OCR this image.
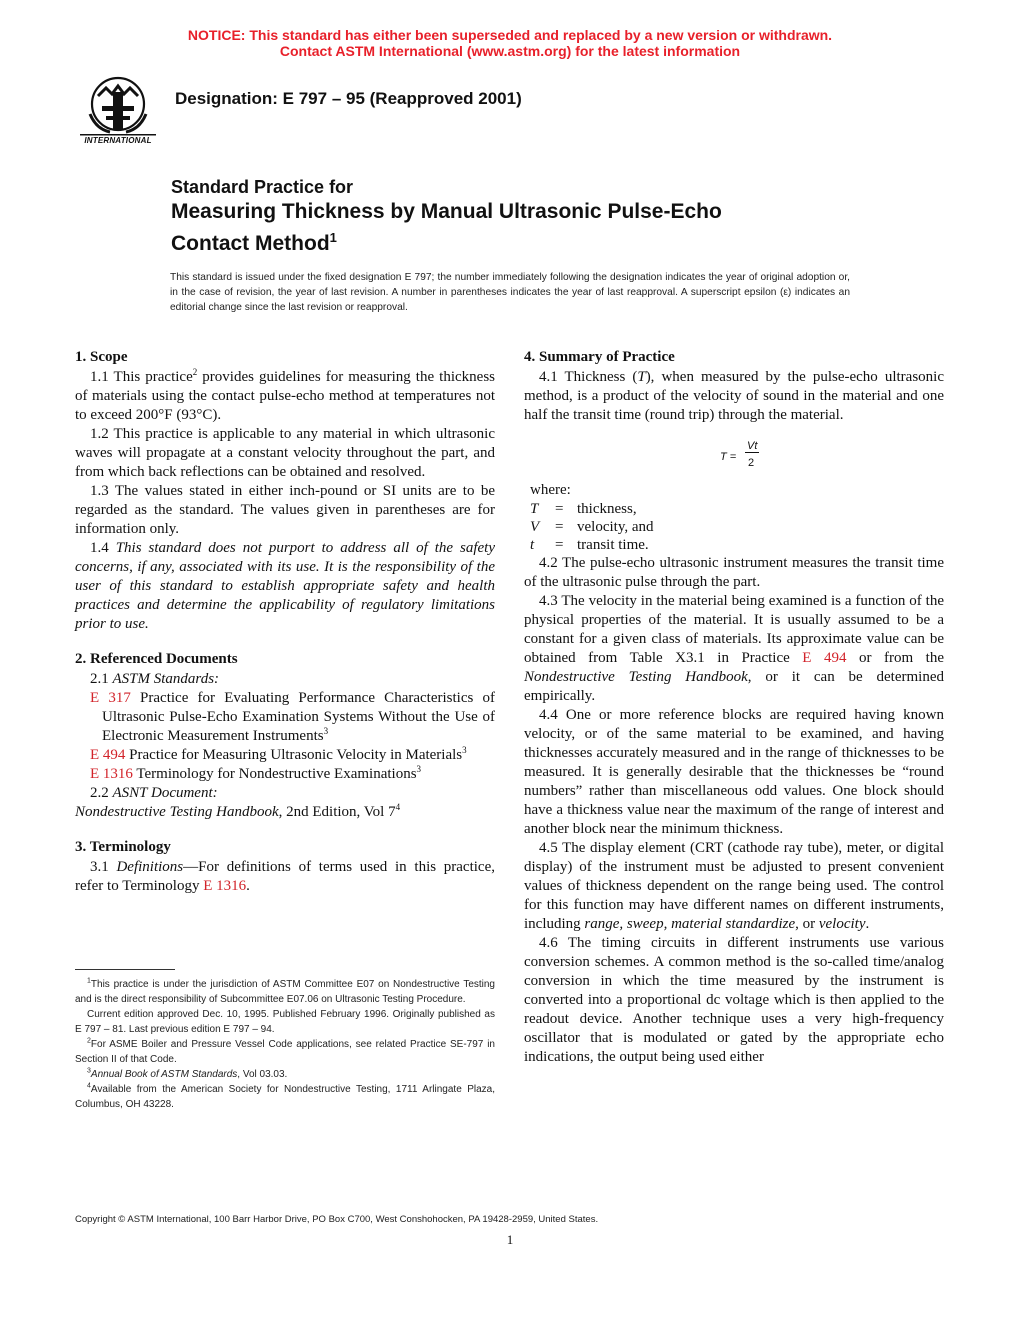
NOTICE: This standard has either been superseded and replaced by a new version or withdrawn.
Contact ASTM International (www.astm.org) for the latest information
INTERNATIONAL
Designation: E 797 – 95 (Reapproved 2001)
Standard Practice for
Measuring Thickness by Manual Ultrasonic Pulse-Echo
Contact Method$^1$
This standard is issued under the fixed designation E 797; the number immediately following the designation indicates the year of original adoption or, in the case of revision, the year of last revision. A number in parentheses indicates the year of last reapproval. A superscript epsilon (ε) indicates an editorial change since the last revision or reapproval.
1. Scope

1.1 This practice$^2$ provides guidelines for measuring the thickness of materials using the contact pulse-echo method at temperatures not to exceed 200°F (93°C).

1.2 This practice is applicable to any material in which ultrasonic waves will propagate at a constant velocity throughout the part, and from which back reflections can be obtained and resolved.

1.3 The values stated in either inch-pound or SI units are to be regarded as the standard. The values given in parentheses are for information only.

1.4 This standard does not purport to address all of the safety concerns, if any, associated with its use. It is the responsibility of the user of this standard to establish appropriate safety and health practices and determine the applicability of regulatory limitations prior to use.

2. Referenced Documents

2.1 ASTM Standards:

E 317 Practice for Evaluating Performance Characteristics of Ultrasonic Pulse-Echo Examination Systems Without the Use of Electronic Measurement Instruments$^3$

E 494 Practice for Measuring Ultrasonic Velocity in Materials$^3$

E 1316 Terminology for Nondestructive Examinations$^3$

2.2 ASNT Document:

Nondestructive Testing Handbook, 2nd Edition, Vol $7^4$

3. Terminology

3.1 Definitions—For definitions of terms used in this practice, refer to Terminology E 1316.

4. Summary of Practice

4.1 Thickness (T), when measured by the pulse-echo ultrasonic method, is a product of the velocity of sound in the material and one half the transit time (round trip) through the material.

T =
Vt
2
where:
T = thickness,
V = velocity, and
t = transit time.

4.2 The pulse-echo ultrasonic instrument measures the transit time of the ultrasonic pulse through the part.

4.3 The velocity in the material being examined is a function of the physical properties of the material. It is usually assumed to be a constant for a given class of materials. Its approximate value can be obtained from Table X3.1 in Practice E 494 or from the Nondestructive Testing Handbook, or it can be determined empirically.

4.4 One or more reference blocks are required having known velocity, or of the same material to be examined, and having thicknesses accurately measured and in the range of thicknesses to be measured. It is generally desirable that the thicknesses be “round numbers” rather than miscellaneous odd values. One block should have a thickness value near the maximum of the range of interest and another block near the minimum thickness.

4.5 The display element (CRT (cathode ray tube), meter, or digital display) of the instrument must be adjusted to present convenient values of thickness dependent on the range being used. The control for this function may have different names on different instruments, including range, sweep, material standardize, or velocity.

4.6 The timing circuits in different instruments use various conversion schemes. A common method is the so-called time/analog conversion in which the time measured by the instrument is converted into a proportional dc voltage which is then applied to the readout device. Another technique uses a very high-frequency oscillator that is modulated or gated by the appropriate echo indications, the output being used either

$^1$This practice is under the jurisdiction of ASTM Committee E07 on Nondestructive Testing and is the direct responsibility of Subcommittee E07.06 on Ultrasonic Testing Procedure.

Current edition approved Dec. 10, 1995. Published February 1996. Originally published as E 797 – 81. Last previous edition E 797 – 94.

$^2$For ASME Boiler and Pressure Vessel Code applications, see related Practice SE-797 in Section II of that Code.

$^3$Annual Book of ASTM Standards, Vol 03.03.

$^4$Available from the American Society for Nondestructive Testing, 1711 Arlingate Plaza, Columbus, OH 43228.

Copyright © ASTM International, 100 Barr Harbor Drive, PO Box C700, West Conshohocken, PA 19428-2959, United States.
1
